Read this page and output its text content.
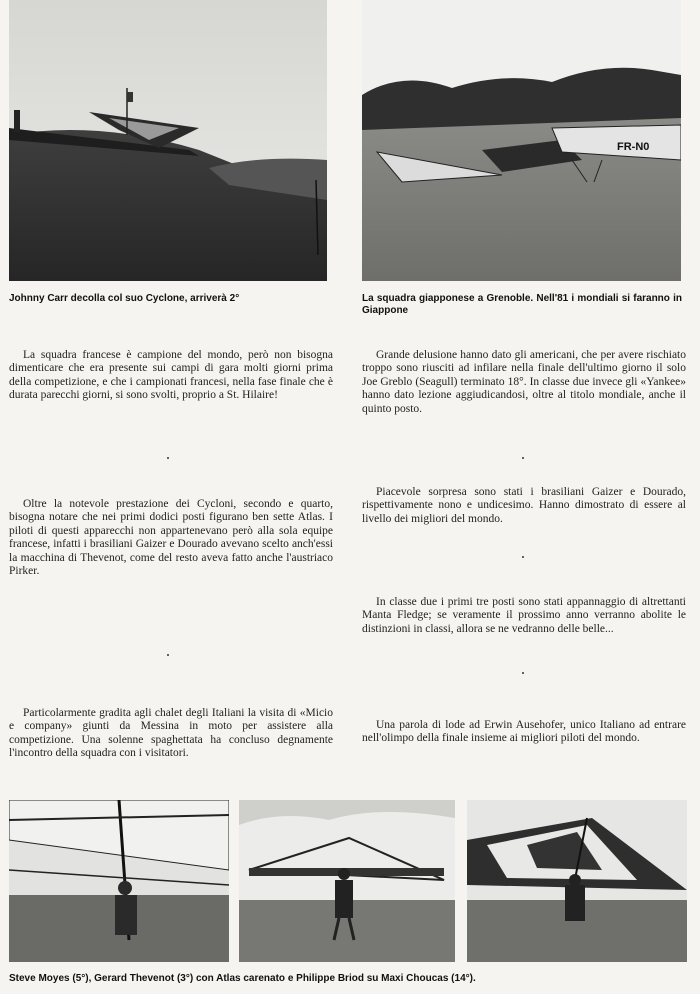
FR-N0
Johnny Carr decolla col suo Cyclone, arriverà 2°	La squadra giapponese a Grenoble. Nell'81 i mondiali si faranno in Giappone

La squadra francese è campione del mondo, però non bisogna dimenticare che era presente sui campi di gara molti giorni prima della competizione, e che i campionati francesi, nella fase finale che è durata parecchi giorni, si sono svolti, proprio a St. Hilaire!

Oltre la notevole prestazione dei Cycloni, secondo e quarto, bisogna notare che nei primi dodici posti figurano ben sette Atlas. I piloti di questi apparecchi non appartenevano però alla sola equipe francese, infatti i brasiliani Gaizer e Dourado avevano scelto anch'essi la macchina di Thevenot, come del resto aveva fatto anche l'austriaco Pirker.

Particolarmente gradita agli chalet degli Italiani la visita di «Micio e company» giunti da Messina in moto per assistere alla competizione. Una solenne spaghettata ha concluso degnamente l'incontro della squadra con i visitatori.

Grande delusione hanno dato gli americani, che per avere rischiato troppo sono riusciti ad infilare nella finale dell'ultimo giorno il solo Joe Greblo (Seagull) terminato 18°. In classe due invece gli «Yankee» hanno dato lezione aggiudicandosi, oltre al titolo mondiale, anche il quinto posto.

Piacevole sorpresa sono stati i brasiliani Gaizer e Dourado, rispettivamente nono e undicesimo. Hanno dimostrato di essere al livello dei migliori del mondo.

In classe due i primi tre posti sono stati appannaggio di altrettanti Manta Fledge; se veramente il prossimo anno verranno abolite le distinzioni in classi, allora se ne vedranno delle belle...

Una parola di lode ad Erwin Ausehofer, unico Italiano ad entrare nell'olimpo della finale insieme ai migliori piloti del mondo.

Steve Moyes (5°), Gerard Thevenot (3°) con Atlas carenato e Philippe Briod su Maxi Choucas (14°).
